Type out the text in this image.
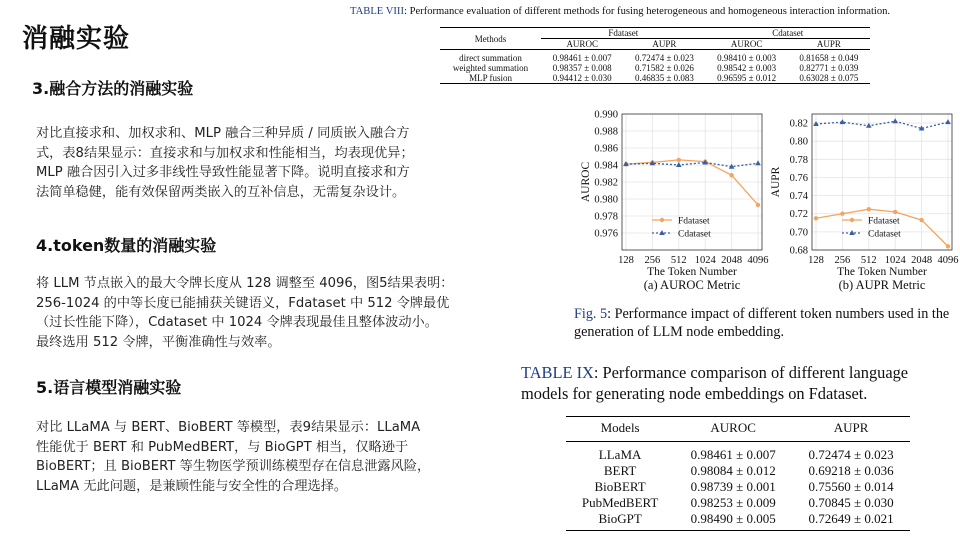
消融实验
3.融合方法的消融实验
对比直接求和、加权求和、MLP 融合三种异质 / 同质嵌入融合方
式，表8结果显示：直接求和与加权求和性能相当，均表现优异；
MLP 融合因引入过多非线性导致性能显著下降。说明直接求和方
法简单稳健，能有效保留两类嵌入的互补信息，无需复杂设计。
4.token数量的消融实验
将 LLM 节点嵌入的最大令牌长度从 128 调整至 4096，图5结果表明：
256-1024 的中等长度已能捕获关键语义，Fdataset 中 512 令牌最优
（过长性能下降），Cdataset 中 1024 令牌表现最佳且整体波动小。
最终选用 512 令牌，平衡准确性与效率。
5.语言模型消融实验
对比 LLaMA 与 BERT、BioBERT 等模型，表9结果显示：LLaMA
性能优于 BERT 和 PubMedBERT，与 BioGPT 相当，仅略逊于
BioBERT；且 BioBERT 等生物医学预训练模型存在信息泄露风险，
LLaMA 无此问题，是兼顾性能与安全性的合理选择。
TABLE VIII: Performance evaluation of different methods for fusing heterogeneous and homogeneous interaction information.
Methods	Fdataset		Cdataset	
	AUROC	AUPR	AUROC	AUPR
direct summation	0.98461 ± 0.007	0.72474 ± 0.023	0.98410 ± 0.003	0.81658 ± 0.049
weighted summation	0.98357 ± 0.008	0.71582 ± 0.026	0.98542 ± 0.003	0.82771 ± 0.039
MLP fusion	0.94412 ± 0.030	0.46835 ± 0.083	0.96595 ± 0.012	0.63028 ± 0.075
0.976
0.978
0.980
0.982
0.984
0.986
0.988
0.990
128 256 512 1024 2048 4096
The Token Number
AUROC
Fdataset
Cdataset
(a) AUROC Metric
0.68
0.70
0.72
0.74
0.76
0.78
0.80
0.82
128 256 512 1024 2048 4096
The Token Number
AUPR
Fdataset
Cdataset
(b) AUPR Metric
Fig. 5: Performance impact of different token numbers used in the generation of LLM node embedding.
TABLE IX: Performance comparison of different language models for generating node embeddings on Fdataset.
Models	AUROC	AUPR
LLaMA	0.98461 ± 0.007	0.72474 ± 0.023
BERT	0.98084 ± 0.012	0.69218 ± 0.036
BioBERT	0.98739 ± 0.001	0.75560 ± 0.014
PubMedBERT	0.98253 ± 0.009	0.70845 ± 0.030
BioGPT	0.98490 ± 0.005	0.72649 ± 0.021
